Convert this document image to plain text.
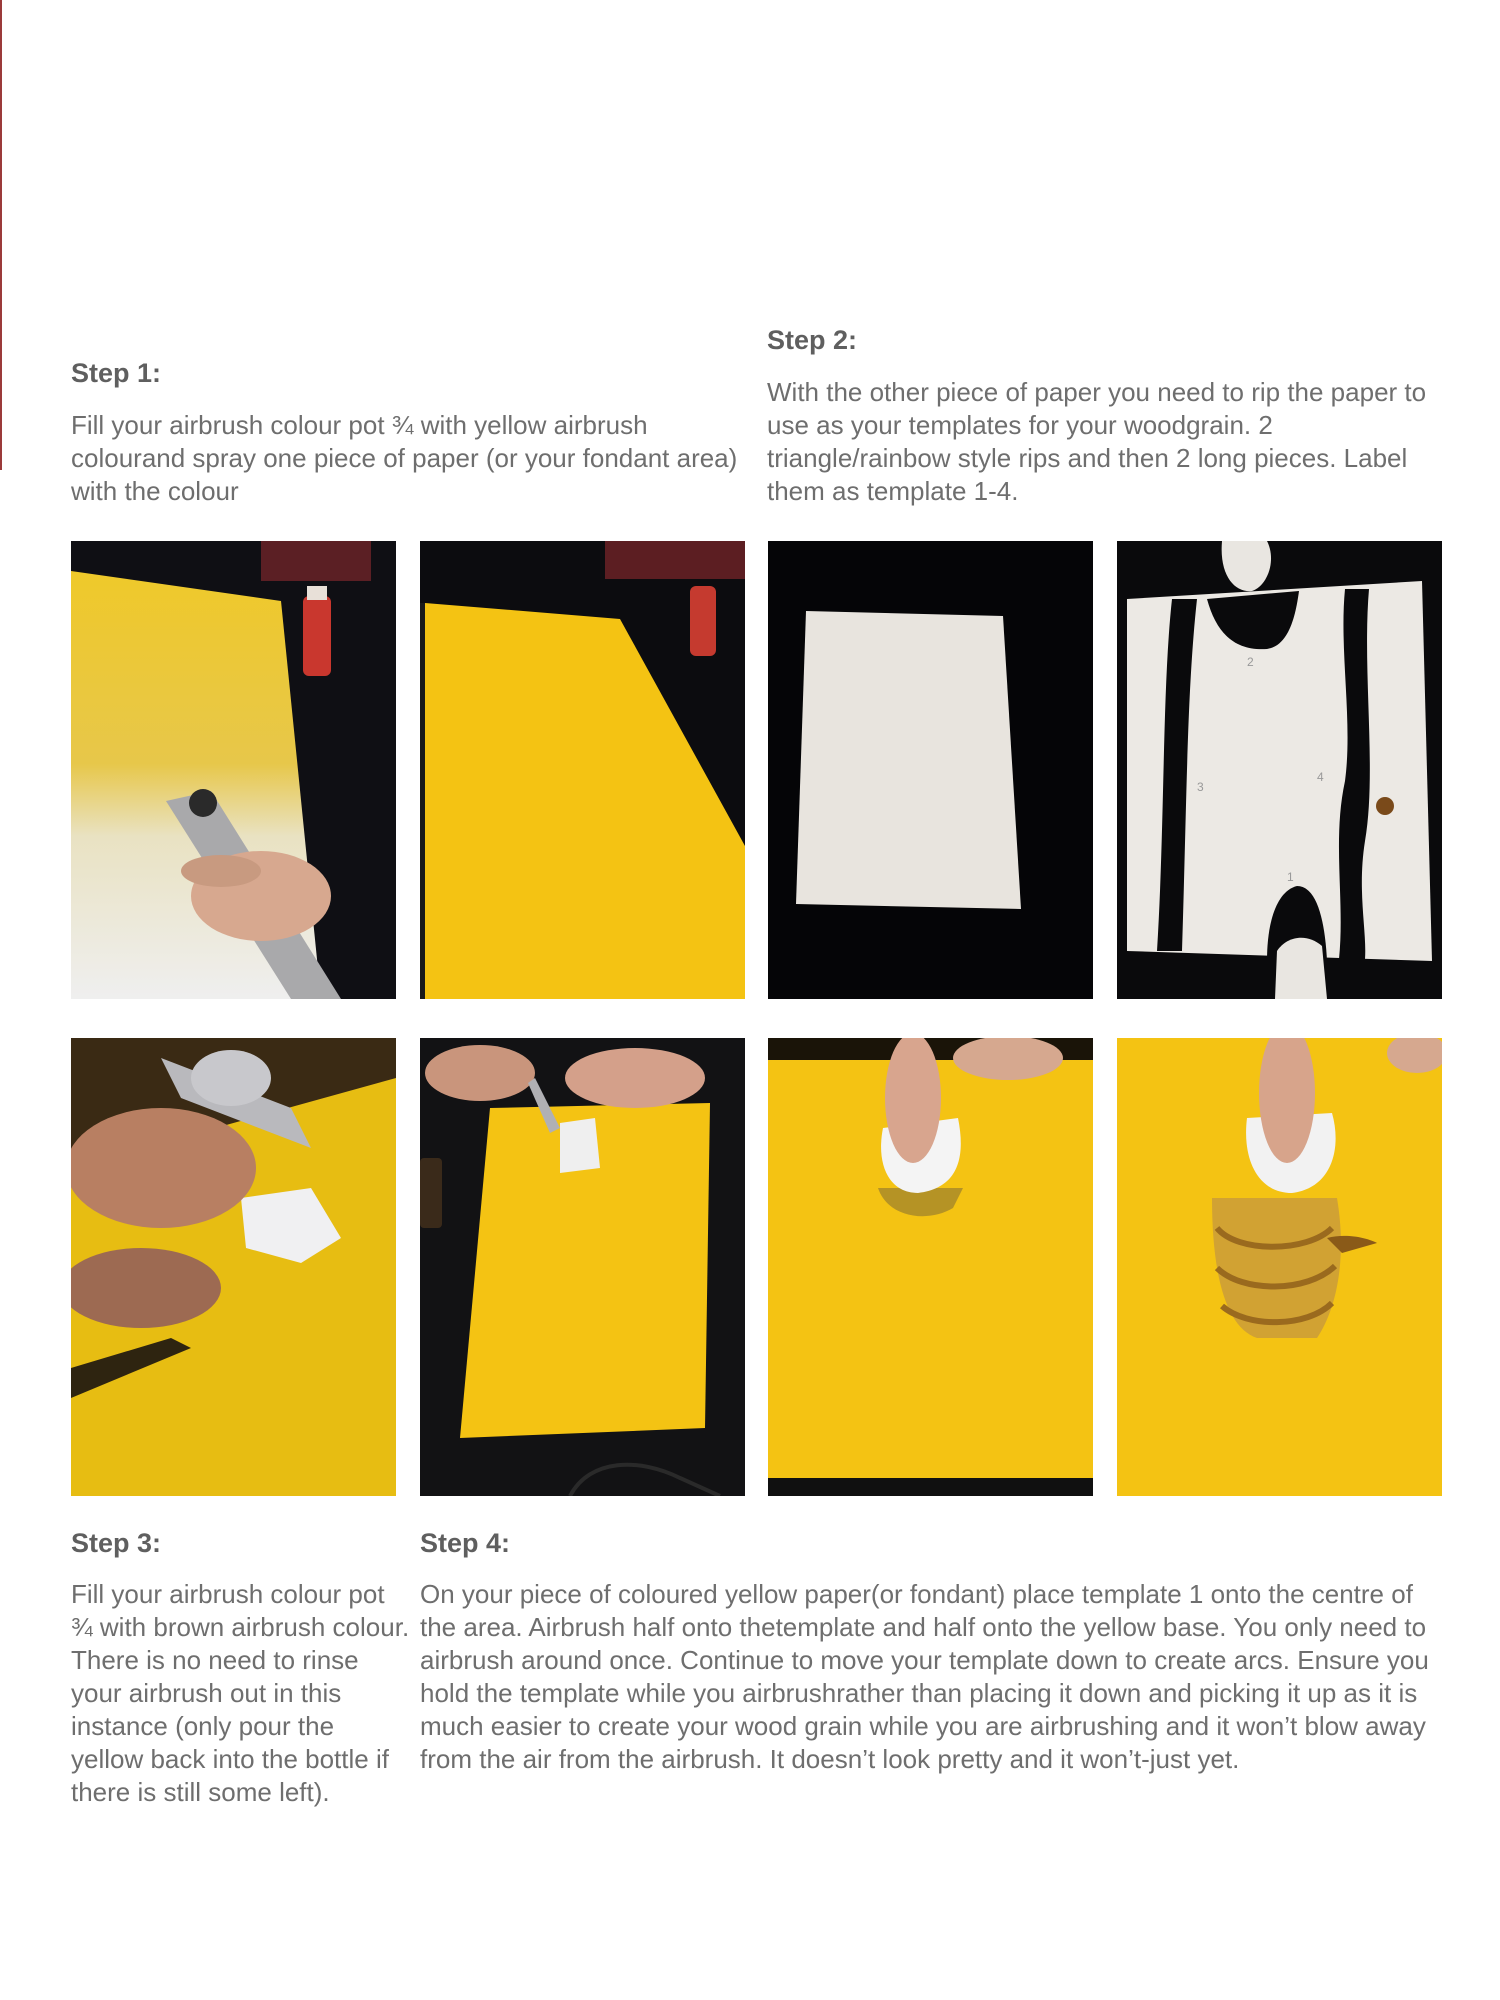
Step 1:

Fill your airbrush colour pot ¾ with yellow airbrush colourand spray one piece of paper (or your fondant area) with the colour

Step 2:

With the other piece of paper you need to rip the paper to use as your templates for your woodgrain. 2 triangle/rainbow style rips and then 2 long pieces. Label them as template 1-4.

2
3
4
1
Step 3:

Fill your airbrush colour pot ¾ with brown airbrush colour. There is no need to rinse your airbrush out in this instance (only pour the yellow back into the bottle if there is still some left).

Step 4:

On your piece of coloured yellow paper(or fondant) place template 1 onto the centre of the area. Airbrush half onto thetemplate and half onto the yellow base. You only need to airbrush around once. Continue to move your template down to create arcs. Ensure you hold the template while you airbrushrather than placing it down and picking it up as it is much easier to create your wood grain while you are airbrushing and it won’t blow away from the air from the airbrush. It doesn’t look pretty and it won’t-just yet.
